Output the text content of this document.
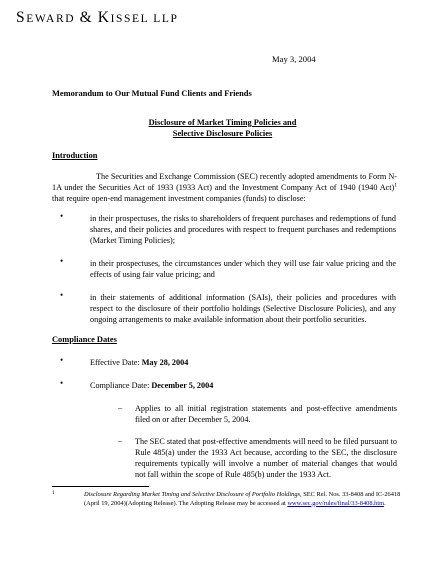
SEWARD & KISSEL LLP
May 3, 2004
Memorandum to Our Mutual Fund Clients and Friends
Disclosure of Market Timing Policies and
Selective Disclosure Policies
Introduction
The Securities and Exchange Commission (SEC) recently adopted amendments to Form N-1A under the Securities Act of 1933 (1933 Act) and the Investment Company Act of 1940 (1940 Act)$^1$ that require open-end management investment companies (funds) to disclose:
•	in their prospectuses, the risks to shareholders of frequent purchases and redemptions of fund shares, and their policies and procedures with respect to frequent purchases and redemptions (Market Timing Policies);
•	in their prospectuses, the circumstances under which they will use fair value pricing and the effects of using fair value pricing; and
•	in their statements of additional information (SAIs), their policies and procedures with respect to the disclosure of their portfolio holdings (Selective Disclosure Policies), and any ongoing arrangements to make available information about their portfolio securities.
Compliance Dates
•	Effective Date: May 28, 2004
•	Compliance Date: December 5, 2004
– Applies to all initial registration statements and post-effective amendments filed on or after December 5, 2004.
– The SEC stated that post-effective amendments will need to be filed pursuant to Rule 485(a) under the 1933 Act because, according to the SEC, the disclosure requirements typically will involve a number of material changes that would not fall within the scope of Rule 485(b) under the 1933 Act.
1	Disclosure Regarding Market Timing and Selective Disclosure of Portfolio Holdings, SEC Rel. Nos. 33-8408 and IC-26418 (April 19, 2004)(Adopting Release). The Adopting Release may be accessed at www.sec.gov/rules/final/33-8408.htm.
